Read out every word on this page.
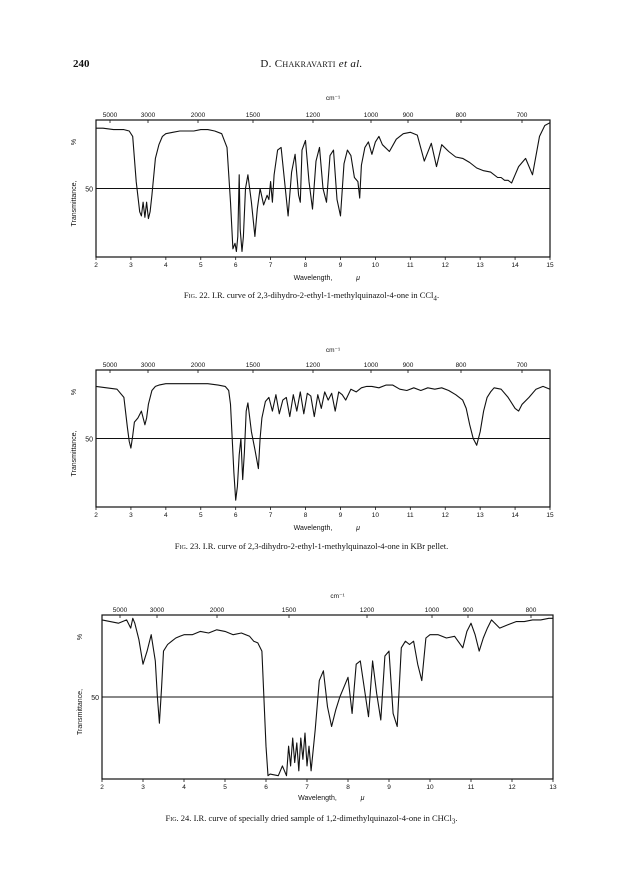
240	D. Chakravarti et al.
50
2	3	4	5	6	7	8	9	10	11	12	13	14	15
5000	3000	2000	1500	1200	1000	900	800	700
cm⁻¹
Wavelength,	μ
Transmittance,
%
Fig. 22. I.R. curve of 2,3-dihydro-2-ethyl-1-methylquinazol-4-one in CCl$_4$.
50
2	3	4	5	6	7	8	9	10	11	12	13	14	15
5000	3000	2000	1500	1200	1000	900	800	700
cm⁻¹
Wavelength,	μ
Transmittance,
%
Fig. 23. I.R. curve of 2,3-dihydro-2-ethyl-1-methylquinazol-4-one in KBr pellet.
50
2	3	4	5	6	7	8	9	10	11	12	13
5000	3000	2000	1500	1200	1000	900	800
cm⁻¹
Wavelength,	μ
Transmittance,
%
Fig. 24. I.R. curve of specially dried sample of 1,2-dimethylquinazol-4-one in CHCl$_3$.
